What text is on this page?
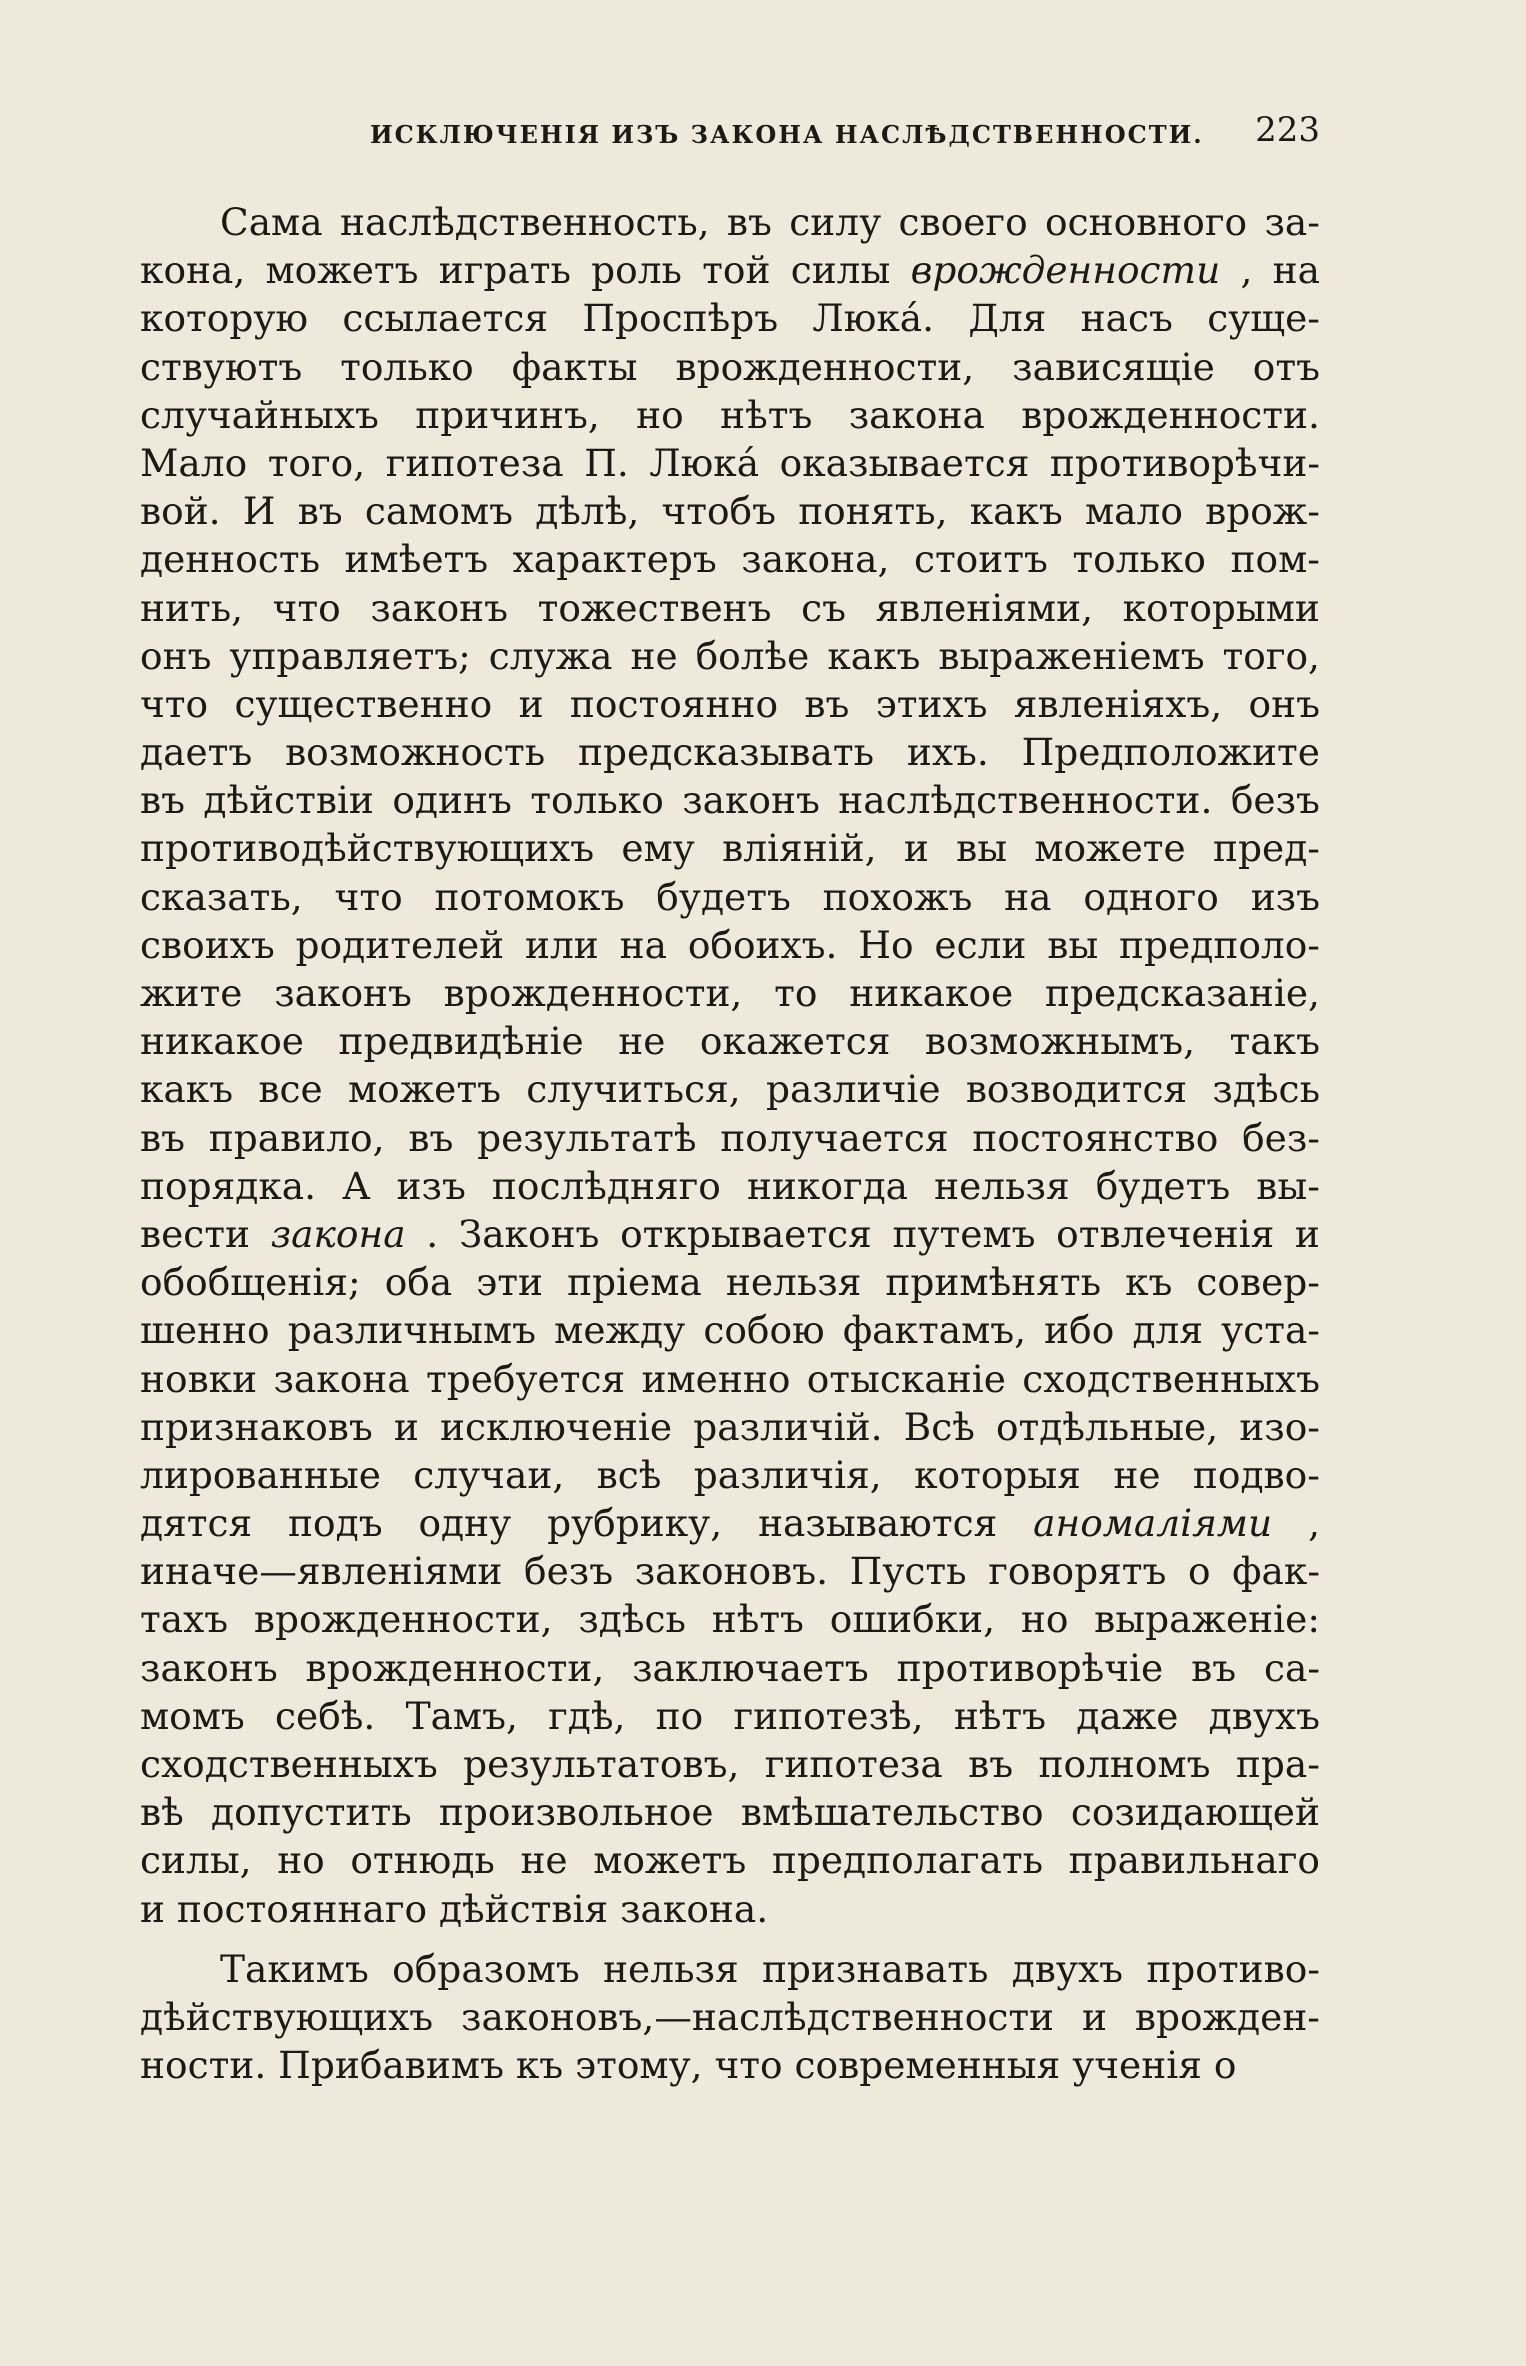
ИСКЛЮЧЕНІЯ ИЗЪ ЗАКОНА НАСЛѢДСТВЕННОСТИ. 223
Сама наслѣдственность, въ силу своего основного за-
кона, можетъ играть роль той силы врожденности , на
которую ссылается Проспѣръ Люка́. Для насъ суще-
ствуютъ только факты врожденности, зависящіе отъ
случайныхъ причинъ, но нѣтъ закона врожденности.
Мало того, гипотеза П. Люка́ оказывается противорѣчи-
вой. И въ самомъ дѣлѣ, чтобъ понять, какъ мало врож-
денность имѣетъ характеръ закона, стоитъ только пом-
нить, что законъ тожественъ съ явленіями, которыми
онъ управляетъ; служа не болѣе какъ выраженіемъ того,
что существенно и постоянно въ этихъ явленіяхъ, онъ
даетъ возможность предсказывать ихъ. Предположите
въ дѣйствіи одинъ только законъ наслѣдственности. безъ
противодѣйствующихъ ему вліяній, и вы можете пред-
сказать, что потомокъ будетъ похожъ на одного изъ
своихъ родителей или на обоихъ. Но если вы предполо-
жите законъ врожденности, то никакое предсказаніе,
никакое предвидѣніе не окажется возможнымъ, такъ
какъ все можетъ случиться, различіе возводится здѣсь
въ правило, въ результатѣ получается постоянство без-
порядка. А изъ послѣдняго никогда нельзя будетъ вы-
вести закона . Законъ открывается путемъ отвлеченія и
обобщенія; оба эти пріема нельзя примѣнять къ совер-
шенно различнымъ между собою фактамъ, ибо для уста-
новки закона требуется именно отысканіе сходственныхъ
признаковъ и исключеніе различій. Всѣ отдѣльные, изо-
лированные случаи, всѣ различія, которыя не подво-
дятся подъ одну рубрику, называются аномаліями ,
иначе—явленіями безъ законовъ. Пусть говорятъ о фак-
тахъ врожденности, здѣсь нѣтъ ошибки, но выраженіе:
законъ врожденности, заключаетъ противорѣчіе въ са-
момъ себѣ. Тамъ, гдѣ, по гипотезѣ, нѣтъ даже двухъ
сходственныхъ результатовъ, гипотеза въ полномъ пра-
вѣ допустить произвольное вмѣшательство созидающей
силы, но отнюдь не можетъ предполагать правильнаго
и постояннаго дѣйствія закона.
Такимъ образомъ нельзя признавать двухъ противо-
дѣйствующихъ законовъ,—наслѣдственности и врожден-
ности. Прибавимъ къ этому, что современныя ученія о
